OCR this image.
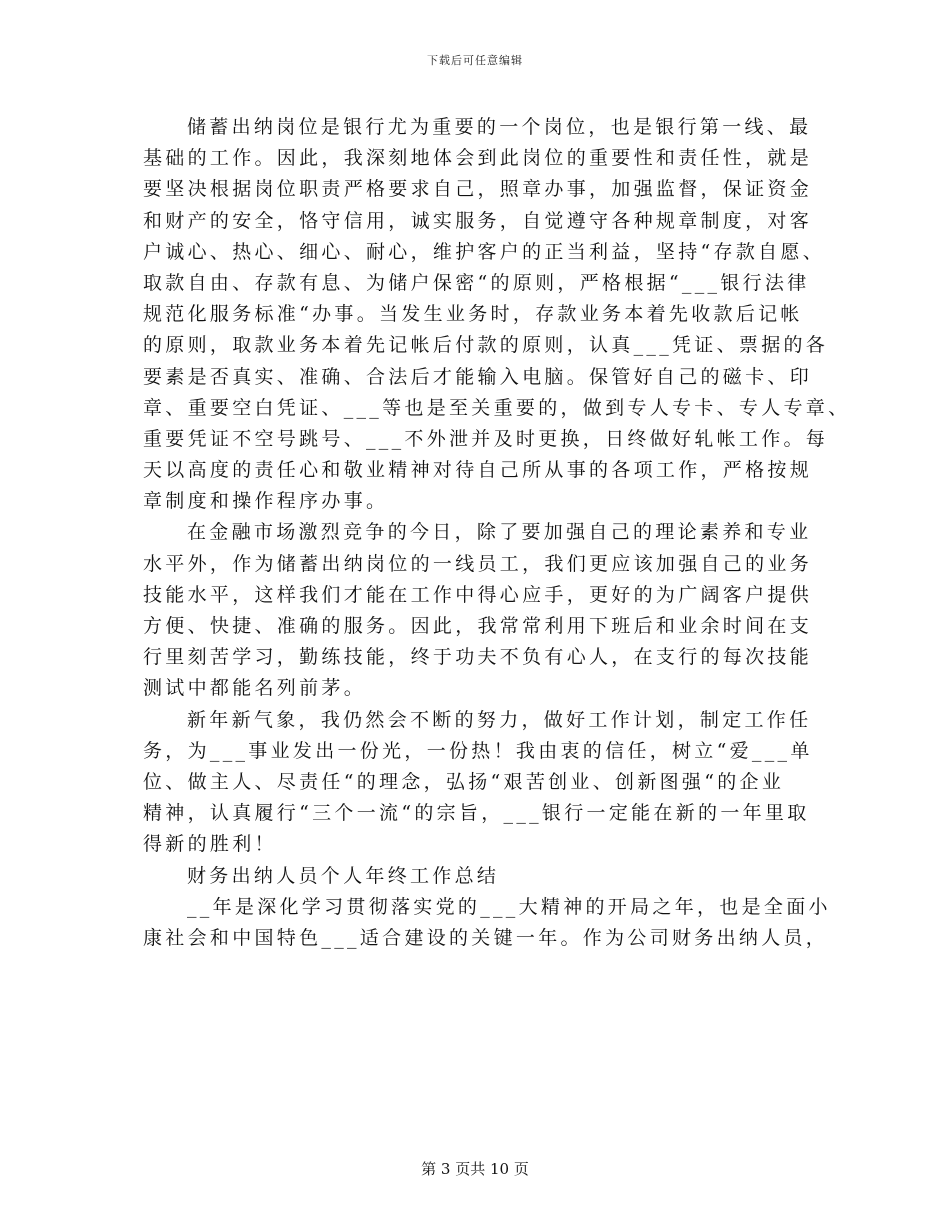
下载后可任意编辑
储蓄出纳岗位是银行尤为重要的一个岗位，也是银行第一线、最
基础的工作。因此，我深刻地体会到此岗位的重要性和责任性，就是
要坚决根据岗位职责严格要求自己，照章办事，加强监督，保证资金
和财产的安全，恪守信用，诚实服务，自觉遵守各种规章制度，对客
户诚心、热心、细心、耐心，维护客户的正当利益，坚持“存款自愿、
取款自由、存款有息、为储户保密“的原则，严格根据“___银行法律
规范化服务标准“办事。当发生业务时，存款业务本着先收款后记帐
的原则，取款业务本着先记帐后付款的原则，认真___凭证、票据的各
要素是否真实、准确、合法后才能输入电脑。保管好自己的磁卡、印
章、重要空白凭证、___等也是至关重要的，做到专人专卡、专人专章、
重要凭证不空号跳号、___不外泄并及时更换，日终做好轧帐工作。每
天以高度的责任心和敬业精神对待自己所从事的各项工作，严格按规
章制度和操作程序办事。
在金融市场激烈竞争的今日，除了要加强自己的理论素养和专业
水平外，作为储蓄出纳岗位的一线员工，我们更应该加强自己的业务
技能水平，这样我们才能在工作中得心应手，更好的为广阔客户提供
方便、快捷、准确的服务。因此，我常常利用下班后和业余时间在支
行里刻苦学习，勤练技能，终于功夫不负有心人，在支行的每次技能
测试中都能名列前茅。
新年新气象，我仍然会不断的努力，做好工作计划，制定工作任
务，为___事业发出一份光，一份热！我由衷的信任，树立“爱___单
位、做主人、尽责任“的理念，弘扬“艰苦创业、创新图强“的企业
精神，认真履行“三个一流“的宗旨，___银行一定能在新的一年里取
得新的胜利！
财务出纳人员个人年终工作总结
__年是深化学习贯彻落实党的___大精神的开局之年，也是全面小
康社会和中国特色___适合建设的关键一年。作为公司财务出纳人员，
第 3 页共 10 页
